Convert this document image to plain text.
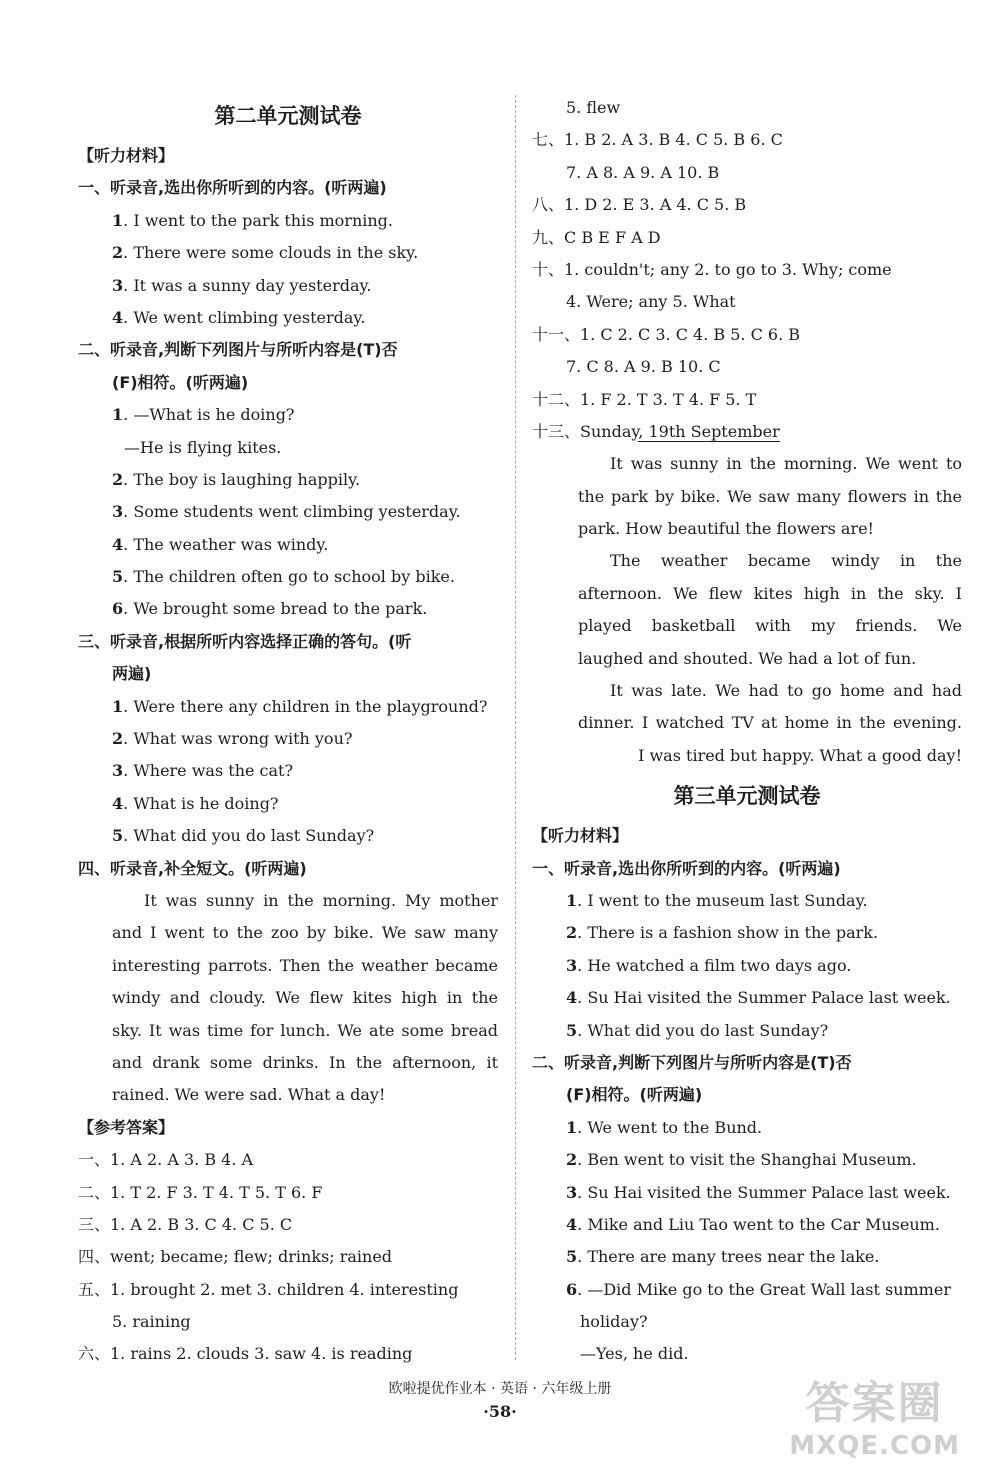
第二单元测试卷
【听力材料】
一、听录音,选出你所听到的内容。(听两遍)
1. I went to the park this morning.
2. There were some clouds in the sky.
3. It was a sunny day yesterday.
4. We went climbing yesterday.
二、听录音,判断下列图片与所听内容是(T)否
(F)相符。(听两遍)
1. —What is he doing?
—He is flying kites.
2. The boy is laughing happily.
3. Some students went climbing yesterday.
4. The weather was windy.
5. The children often go to school by bike.
6. We brought some bread to the park.
三、听录音,根据所听内容选择正确的答句。(听
两遍)
1. Were there any children in the playground?
2. What was wrong with you?
3. Where was the cat?
4. What is he doing?
5. What did you do last Sunday?
四、听录音,补全短文。(听两遍)
It was sunny in the morning. My mother
and I went to the zoo by bike. We saw many
interesting parrots. Then the weather became
windy and cloudy. We flew kites high in the
sky. It was time for lunch. We ate some bread
and drank some drinks. In the afternoon, it
rained. We were sad. What a day!
【参考答案】
一、1. A 2. A 3. B 4. A
二、1. T 2. F 3. T 4. T 5. T 6. F
三、1. A 2. B 3. C 4. C 5. C
四、went; became; flew; drinks; rained
五、1. brought 2. met 3. children 4. interesting
5. raining
六、1. rains 2. clouds 3. saw 4. is reading
5. flew
七、1. B 2. A 3. B 4. C 5. B 6. C
7. A 8. A 9. A 10. B
八、1. D 2. E 3. A 4. C 5. B
九、C B E F A D
十、1. couldn't; any 2. to go to 3. Why; come
4. Were; any 5. What
十一、1. C 2. C 3. C 4. B 5. C 6. B
7. C 8. A 9. B 10. C
十二、1. F 2. T 3. T 4. F 5. T
十三、Sunday, 19th September
It was sunny in the morning. We went to
the park by bike. We saw many flowers in the
park. How beautiful the flowers are!
The weather became windy in the
afternoon. We flew kites high in the sky. I
played basketball with my friends. We
laughed and shouted. We had a lot of fun.
It was late. We had to go home and had
dinner. I watched TV at home in the evening.
I was tired but happy. What a good day!
第三单元测试卷
【听力材料】
一、听录音,选出你所听到的内容。(听两遍)
1. I went to the museum last Sunday.
2. There is a fashion show in the park.
3. He watched a film two days ago.
4. Su Hai visited the Summer Palace last week.
5. What did you do last Sunday?
二、听录音,判断下列图片与所听内容是(T)否
(F)相符。(听两遍)
1. We went to the Bund.
2. Ben went to visit the Shanghai Museum.
3. Su Hai visited the Summer Palace last week.
4. Mike and Liu Tao went to the Car Museum.
5. There are many trees near the lake.
6. —Did Mike go to the Great Wall last summer
holiday?
—Yes, he did.
欧啦提优作业本 · 英语 · 六年级上册
·58·	答案圈
MXQE.COM
